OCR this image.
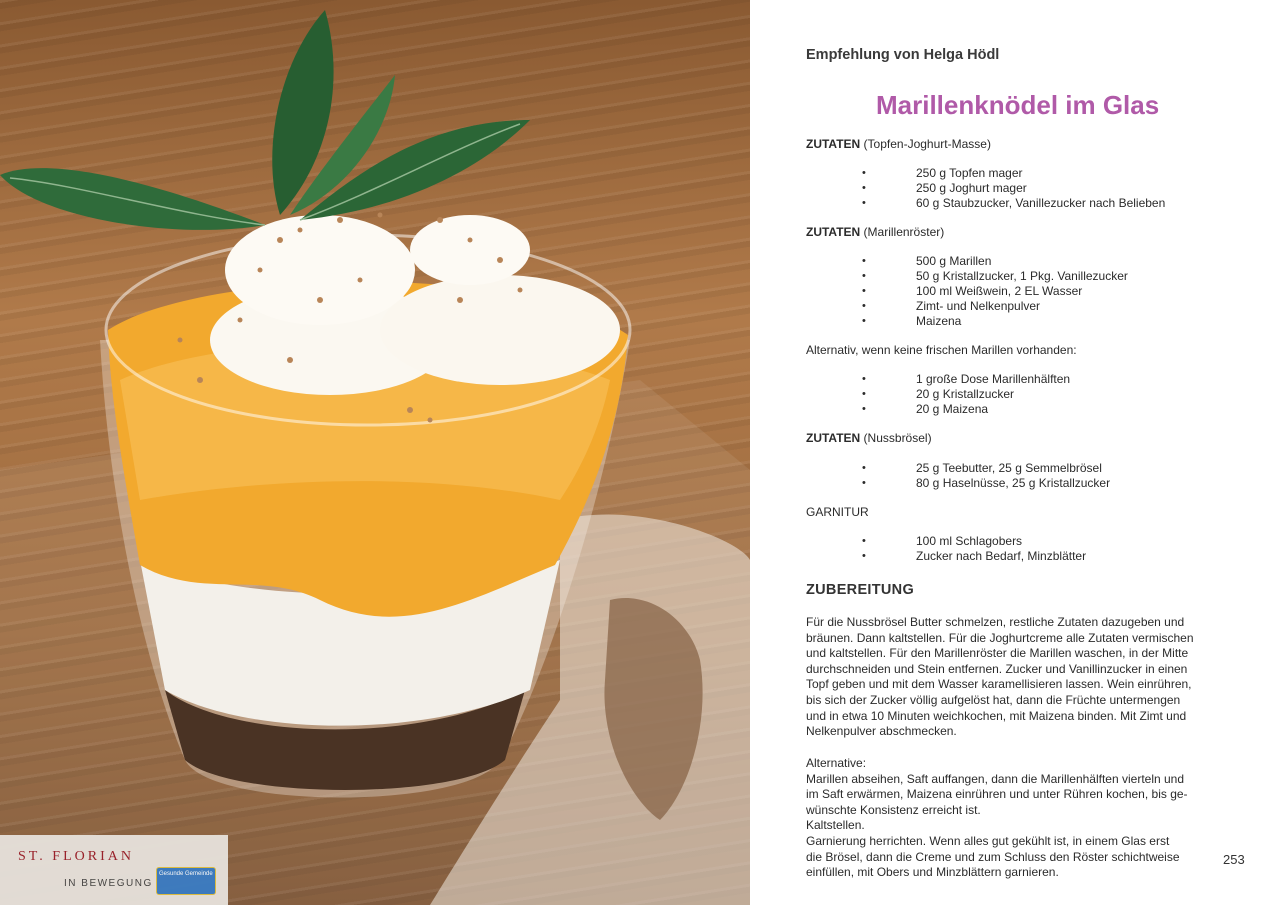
ST. FLORIAN
IN BEWEGUNG
Gesunde Gemeinde
Empfehlung von Helga Hödl
Marillenknödel im Glas
ZUTATEN (Topfen-Joghurt-Masse)
• 250 g Topfen mager
• 250 g Joghurt mager
• 60 g Staubzucker, Vanillezucker nach Belieben
ZUTATEN (Marillenröster)
• 500 g Marillen
• 50 g Kristallzucker, 1 Pkg. Vanillezucker
• 100 ml Weißwein, 2 EL Wasser
• Zimt- und Nelkenpulver
• Maizena
Alternativ, wenn keine frischen Marillen vorhanden:
• 1 große Dose Marillenhälften
• 20 g Kristallzucker
• 20 g Maizena
ZUTATEN (Nussbrösel)
• 25 g Teebutter, 25 g Semmelbrösel
• 80 g Haselnüsse, 25 g Kristallzucker
GARNITUR
• 100 ml Schlagobers
• Zucker nach Bedarf, Minzblätter
ZUBEREITUNG

Für die Nussbrösel Butter schmelzen, restliche Zutaten dazugeben und

bräunen. Dann kaltstellen. Für die Joghurtcreme alle Zutaten vermischen

und kaltstellen. Für den Marillenröster die Marillen waschen, in der Mitte

durchschneiden und Stein entfernen. Zucker und Vanillinzucker in einen

Topf geben und mit dem Wasser karamellisieren lassen. Wein einrühren,

bis sich der Zucker völlig aufgelöst hat, dann die Früchte untermengen

und in etwa 10 Minuten weichkochen, mit Maizena binden. Mit Zimt und

Nelkenpulver abschmecken.

Alternative:

Marillen abseihen, Saft auffangen, dann die Marillenhälften vierteln und

im Saft erwärmen, Maizena einrühren und unter Rühren kochen, bis ge-

wünschte Konsistenz erreicht ist.

Kaltstellen.

Garnierung herrichten. Wenn alles gut gekühlt ist, in einem Glas erst

die Brösel, dann die Creme und zum Schluss den Röster schichtweise

einfüllen, mit Obers und Minzblättern garnieren.

253
